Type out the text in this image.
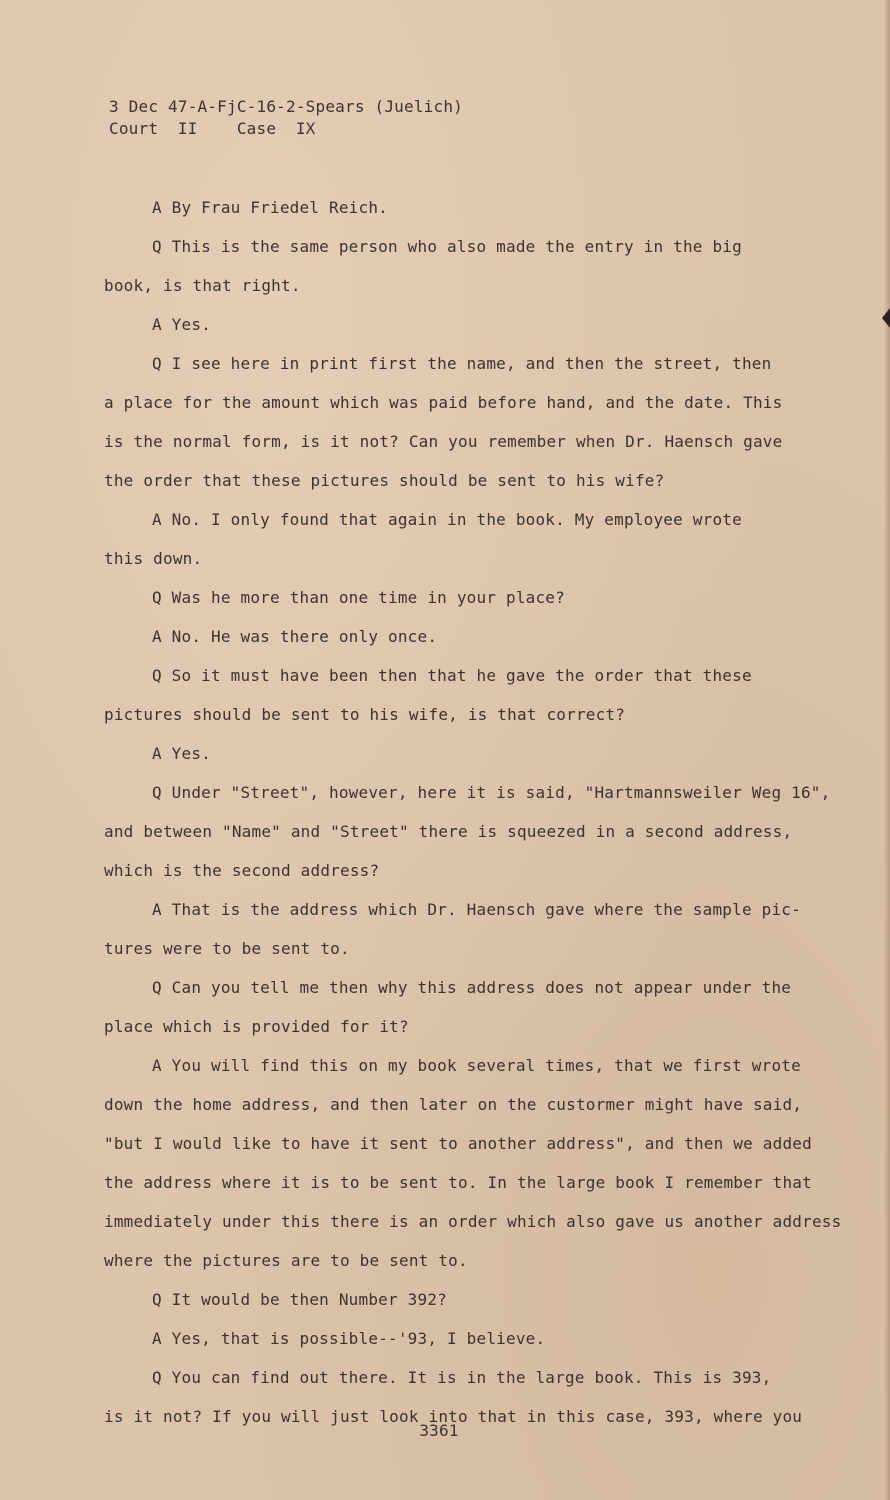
3 Dec 47-A-FjC-16-2-Spears (Juelich)
Court  II    Case  IX
A By Frau Friedel Reich.
Q This is the same person who also made the entry in the big
book, is that right.
A Yes.
Q I see here in print first the name, and then the street, then
a place for the amount which was paid before hand, and the date. This
is the normal form, is it not? Can you remember when Dr. Haensch gave
the order that these pictures should be sent to his wife?
A No. I only found that again in the book. My employee wrote
this down.
Q Was he more than one time in your place?
A No. He was there only once.
Q So it must have been then that he gave the order that these
pictures should be sent to his wife, is that correct?
A Yes.
Q Under "Street", however, here it is said, "Hartmannsweiler Weg 16",
and between "Name" and "Street" there is squeezed in a second address,
which is the second address?
A That is the address which Dr. Haensch gave where the sample pic-
tures were to be sent to.
Q Can you tell me then why this address does not appear under the
place which is provided for it?
A You will find this on my book several times, that we first wrote
down the home address, and then later on the custormer might have said,
"but I would like to have it sent to another address", and then we added
the address where it is to be sent to. In the large book I remember that
immediately under this there is an order which also gave us another address
where the pictures are to be sent to.
Q It would be then Number 392?
A Yes, that is possible--'93, I believe.
Q You can find out there. It is in the large book. This is 393,
is it not? If you will just look into that in this case, 393, where you
3361
